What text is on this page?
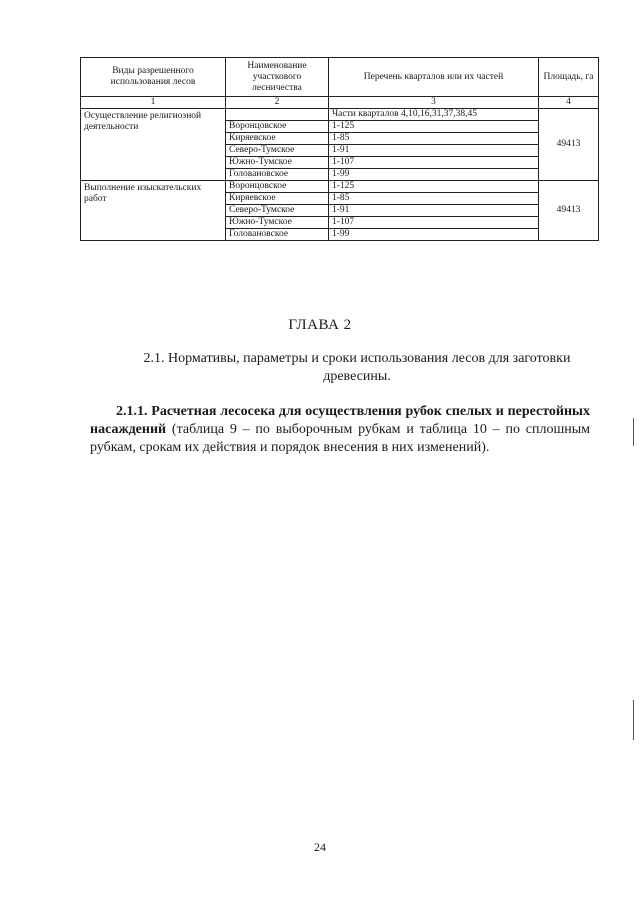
Виды разрешенного использования лесов	Наименование участкового лесничества	Перечень кварталов или их частей	Площадь, га
1	2	3	4
Осуществление религиозной деятельности		Части кварталов 4,10,16,31,37,38,45	49413
	Воронцовское	1-125	
	Киряевское	1-85	
	Северо-Тумское	1-91	
	Южно-Тумское	1-107	
	Головановское	1-99	
Выполнение изыскательских работ	Воронцовское	1-125	49413
	Киряевское	1-85	
	Северо-Тумское	1-91	
	Южно-Тумское	1-107	
	Головановское	1-99	
ГЛАВА 2
2.1. Нормативы, параметры и сроки использования лесов для заготовки древесины.
2.1.1. Расчетная лесосека для осуществления рубок спелых и перестойных насаждений (таблица 9 – по выборочным рубкам и таблица 10 – по сплошным рубкам, срокам их действия и порядок внесения в них изменений).
24
